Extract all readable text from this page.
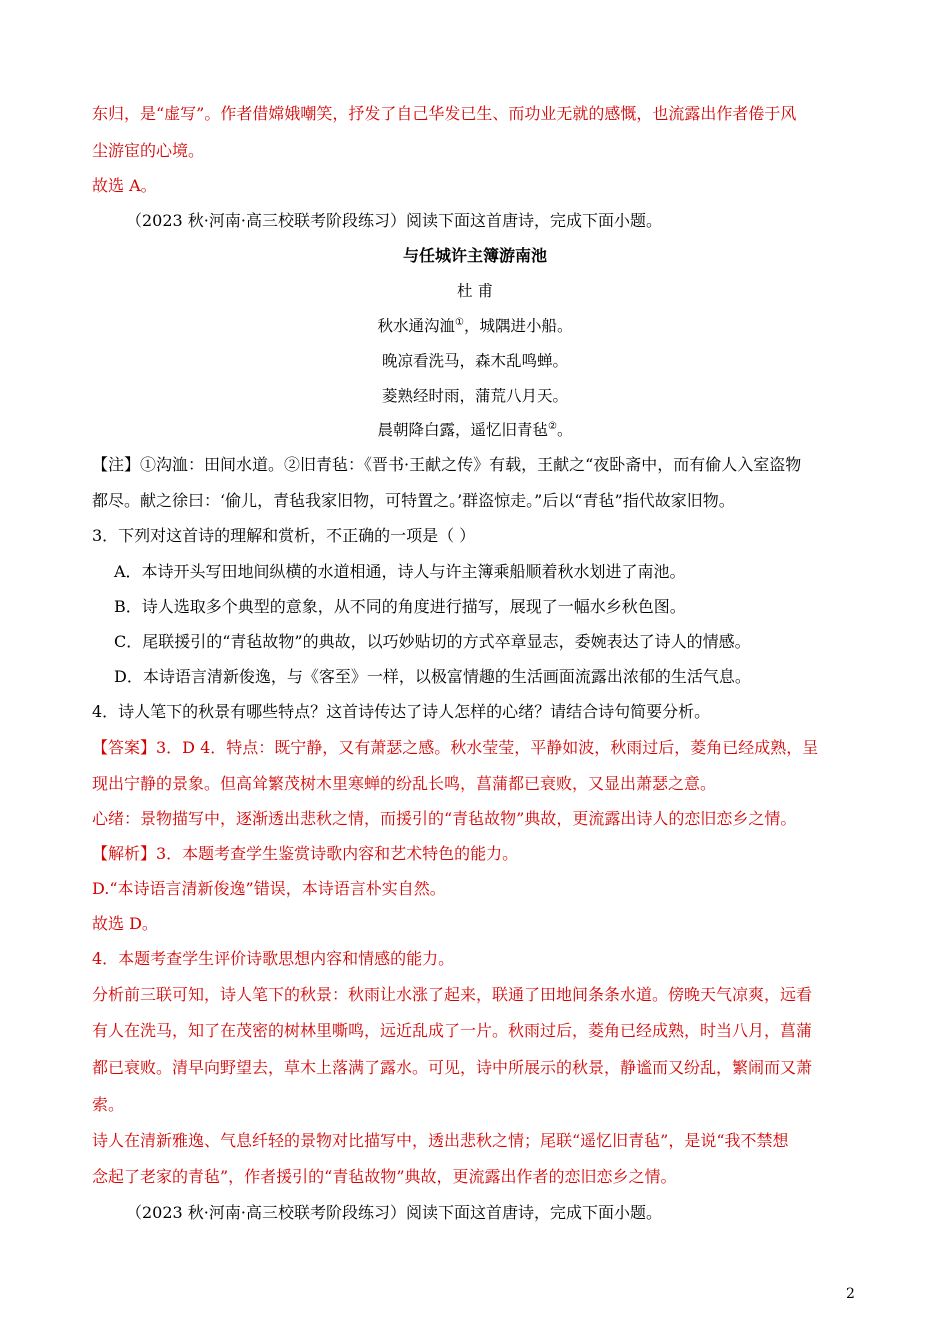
东归，是“虚写”。作者借嫦娥嘲笑，抒发了自己华发已生、而功业无就的感慨，也流露出作者倦于风
尘游宦的心境。
故选 A。
（2023 秋·河南·高三校联考阶段练习）阅读下面这首唐诗，完成下面小题。
与任城许主簿游南池
杜 甫
秋水通沟洫①，城隅进小船。
晚凉看洗马，森木乱鸣蝉。
菱熟经时雨，蒲荒八月天。
晨朝降白露，遥忆旧青毡②。
【注】①沟洫：田间水道。②旧青毡：《晋书·王献之传》有载，王献之“夜卧斋中，而有偷人入室盗物
都尽。献之徐曰：‘偷儿，青毡我家旧物，可特置之。’群盗惊走。”后以“青毡”指代故家旧物。
3．下列对这首诗的理解和赏析，不正确的一项是（ ）
A．本诗开头写田地间纵横的水道相通，诗人与许主簿乘船顺着秋水划进了南池。
B．诗人选取多个典型的意象，从不同的角度进行描写，展现了一幅水乡秋色图。
C．尾联援引的“青毡故物”的典故，以巧妙贴切的方式卒章显志，委婉表达了诗人的情感。
D．本诗语言清新俊逸，与《客至》一样，以极富情趣的生活画面流露出浓郁的生活气息。
4．诗人笔下的秋景有哪些特点？这首诗传达了诗人怎样的心绪？请结合诗句简要分析。
【答案】3．D 4．特点：既宁静，又有萧瑟之感。秋水莹莹，平静如波，秋雨过后，菱角已经成熟，呈
现出宁静的景象。但高耸繁茂树木里寒蝉的纷乱长鸣，菖蒲都已衰败，又显出萧瑟之意。
心绪：景物描写中，逐渐透出悲秋之情，而援引的“青毡故物”典故，更流露出诗人的恋旧恋乡之情。
【解析】3．本题考查学生鉴赏诗歌内容和艺术特色的能力。
D.“本诗语言清新俊逸”错误，本诗语言朴实自然。
故选 D。
4．本题考查学生评价诗歌思想内容和情感的能力。
分析前三联可知，诗人笔下的秋景：秋雨让水涨了起来，联通了田地间条条水道。傍晚天气凉爽，远看
有人在洗马，知了在茂密的树林里嘶鸣，远近乱成了一片。秋雨过后，菱角已经成熟，时当八月，菖蒲
都已衰败。清早向野望去，草木上落满了露水。可见，诗中所展示的秋景，静谧而又纷乱，繁闹而又萧
索。
诗人在清新雅逸、气息纤轻的景物对比描写中，透出悲秋之情；尾联“遥忆旧青毡”，是说“我不禁想
念起了老家的青毡”，作者援引的“青毡故物”典故，更流露出作者的恋旧恋乡之情。
（2023 秋·河南·高三校联考阶段练习）阅读下面这首唐诗，完成下面小题。
2
